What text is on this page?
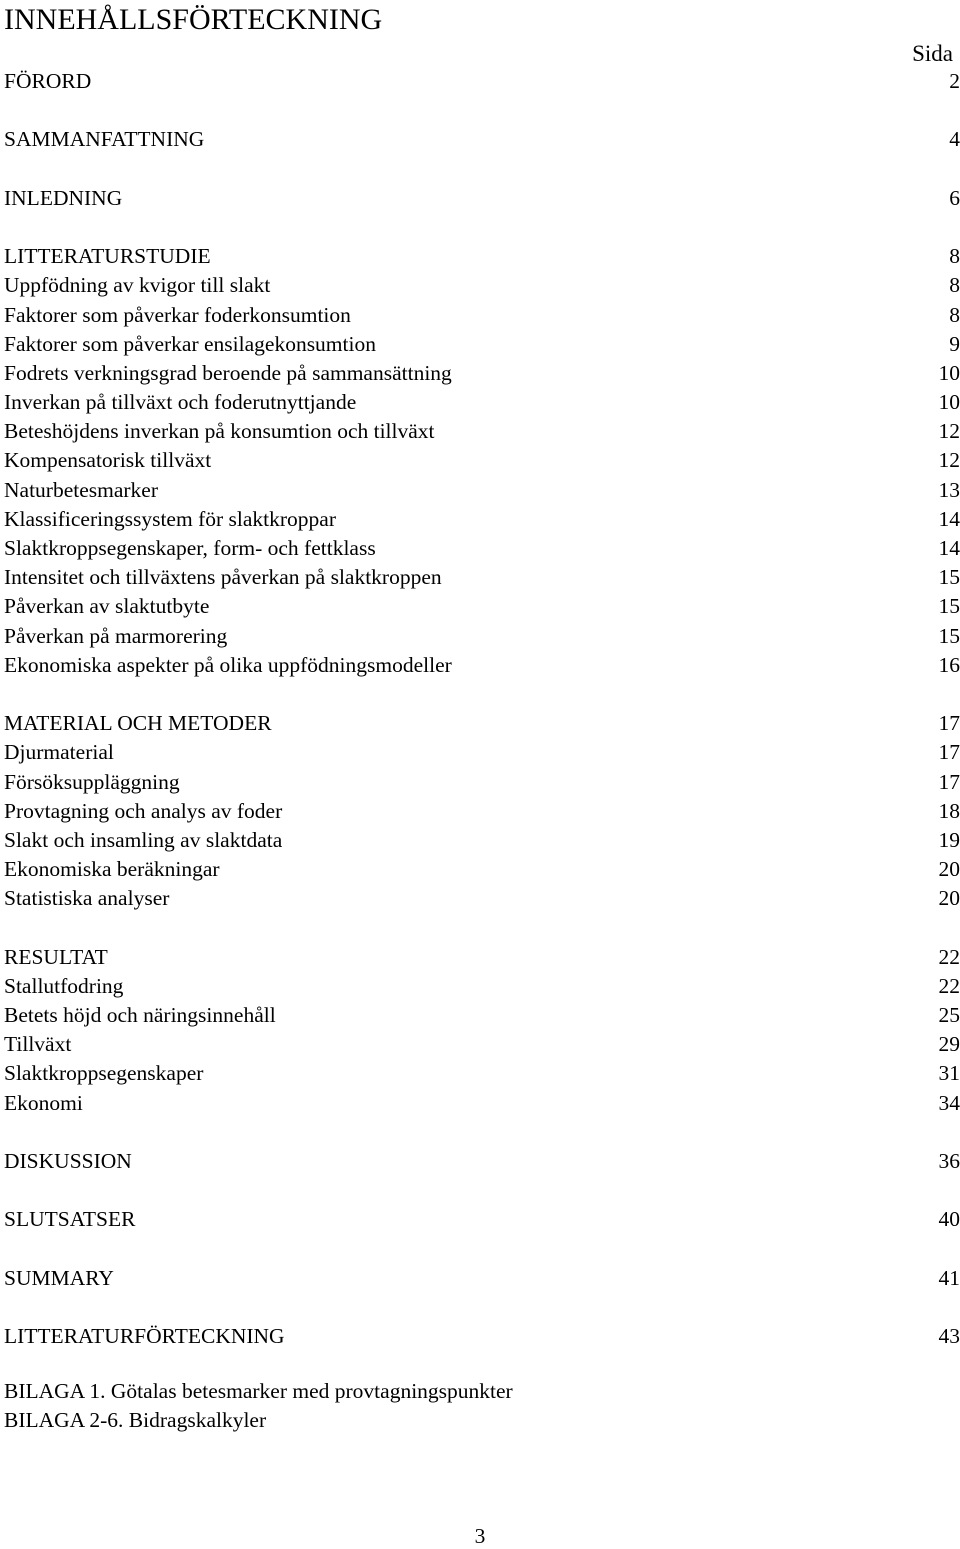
INNEHÅLLSFÖRTECKNING
Sida
FÖRORD	2
SAMMANFATTNING	4
INLEDNING	6
LITTERATURSTUDIE	8
Uppfödning av kvigor till slakt	8
Faktorer som påverkar foderkonsumtion	8
Faktorer som påverkar ensilagekonsumtion	9
Fodrets verkningsgrad beroende på sammansättning	10
Inverkan på tillväxt och foderutnyttjande	10
Beteshöjdens inverkan på konsumtion och tillväxt	12
Kompensatorisk tillväxt	12
Naturbetesmarker	13
Klassificeringssystem för slaktkroppar	14
Slaktkroppsegenskaper, form- och fettklass	14
Intensitet och tillväxtens påverkan på slaktkroppen	15
Påverkan av slaktutbyte	15
Påverkan på marmorering	15
Ekonomiska aspekter på olika uppfödningsmodeller	16
MATERIAL OCH METODER	17
Djurmaterial	17
Försöksuppläggning	17
Provtagning och analys av foder	18
Slakt och insamling av slaktdata	19
Ekonomiska beräkningar	20
Statistiska analyser	20
RESULTAT	22
Stallutfodring	22
Betets höjd och näringsinnehåll	25
Tillväxt	29
Slaktkroppsegenskaper	31
Ekonomi	34
DISKUSSION	36
SLUTSATSER	40
SUMMARY	41
LITTERATURFÖRTECKNING	43
BILAGA 1. Götalas betesmarker med provtagningspunkter
BILAGA 2-6. Bidragskalkyler
3
